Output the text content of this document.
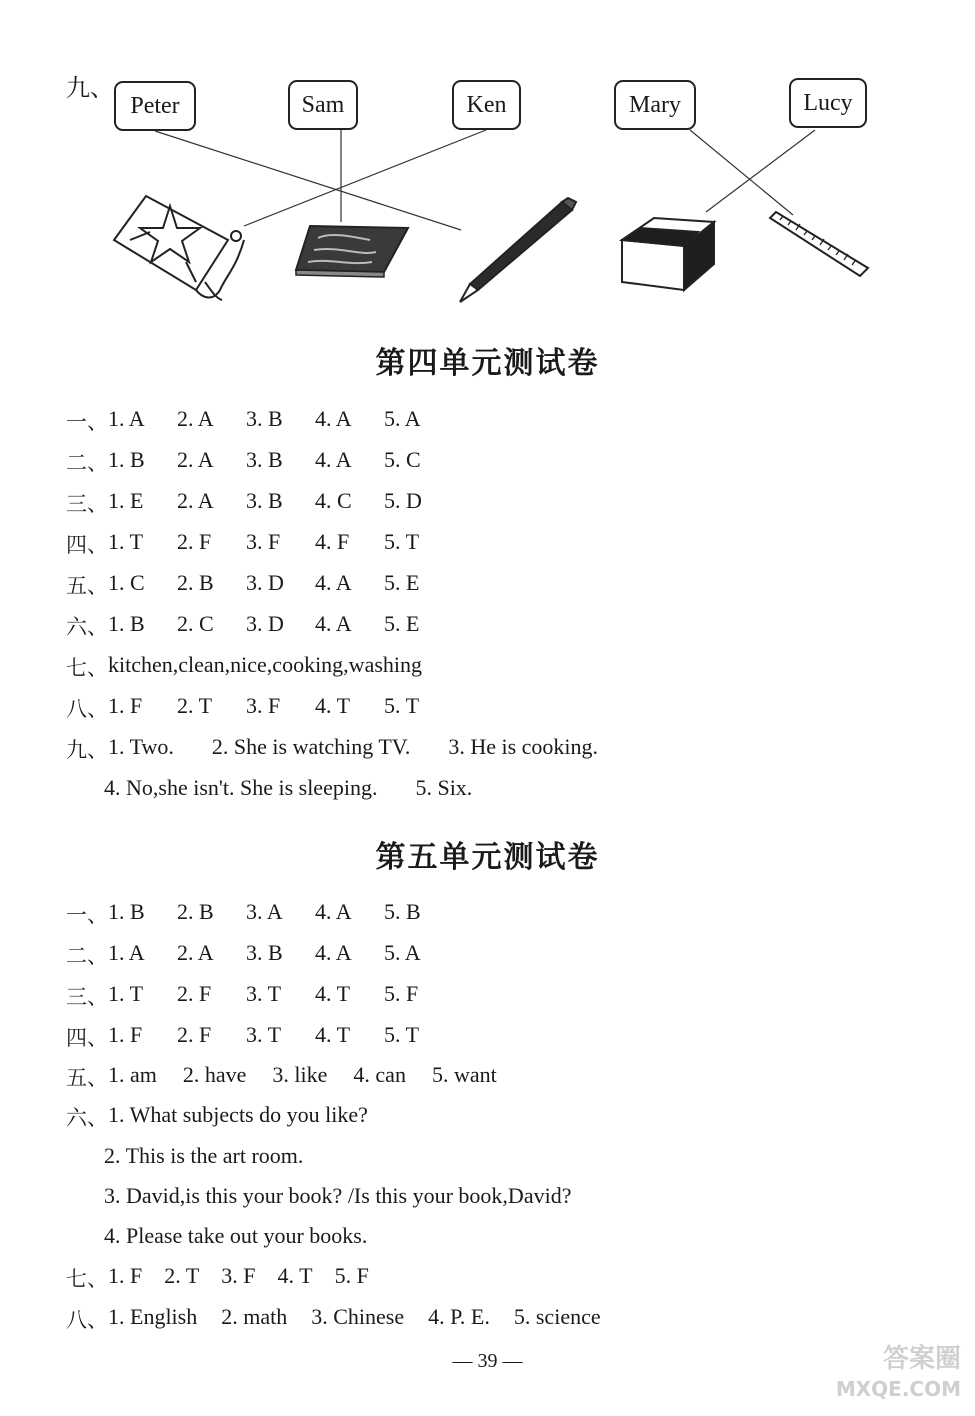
九、
Peter	Sam	Ken	Mary	Lucy
第四单元测试卷
一、 1. A	2. A	3. B	4. A	5. A
二、 1. B	2. A	3. B	4. A	5. C
三、 1. E	2. A	3. B	4. C	5. D
四、 1. T	2. F	3. F	4. F	5. T
五、 1. C	2. B	3. D	4. A	5. E
六、 1. B	2. C	3. D	4. A	5. E
七、 kitchen,clean,nice,cooking,washing
八、 1. F	2. T	3. F	4. T	5. T
九、 1. Two. 2. She is watching TV. 3. He is cooking.
4. No,she isn't. She is sleeping. 5. Six.
第五单元测试卷
一、 1. B	2. B	3. A	4. A	5. B
二、 1. A	2. A	3. B	4. A	5. A
三、 1. T	2. F	3. T	4. T	5. F
四、 1. F	2. F	3. T	4. T	5. T
五、 1. am 2. have 3. like 4. can 5. want
六、 1. What subjects do you like?
2. This is the art room.
3. David,is this your book? /Is this your book,David?
4. Please take out your books.
七、 1. F 2. T 3. F 4. T 5. F
八、 1. English 2. math 3. Chinese 4. P. E. 5. science
— 39 —	答案圈
MXQE.COM
